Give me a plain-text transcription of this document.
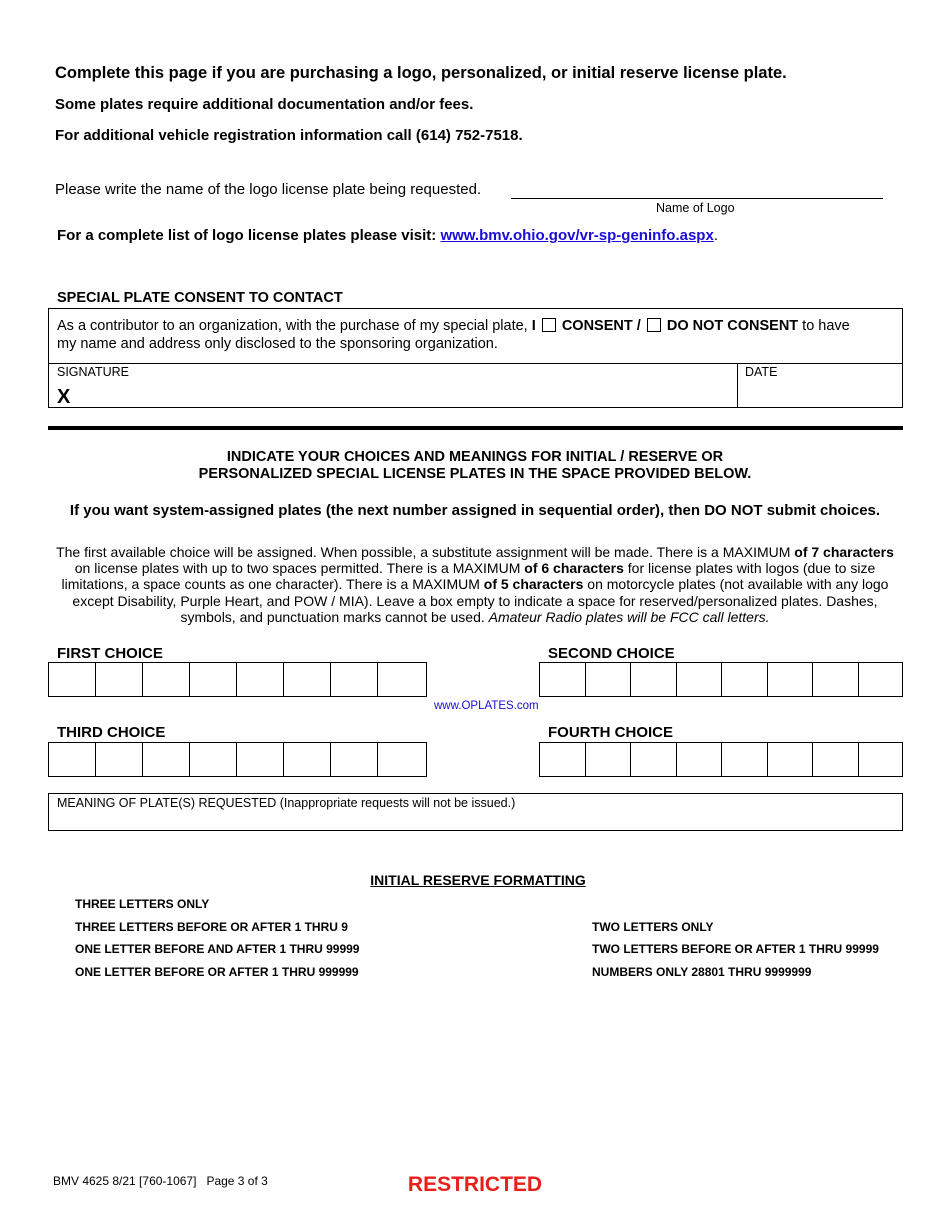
Complete this page if you are purchasing a logo, personalized, or initial reserve license plate.
Some plates require additional documentation and/or fees.
For additional vehicle registration information call (614) 752-7518.
Please write the name of the logo license plate being requested.
Name of Logo
For a complete list of logo license plates please visit: www.bmv.ohio.gov/vr-sp-geninfo.aspx.
SPECIAL PLATE CONSENT TO CONTACT
As a contributor to an organization, with the purchase of my special plate, I CONSENT / DO NOT CONSENT to have my name and address only disclosed to the sponsoring organization.
SIGNATURE	DATE
X
INDICATE YOUR CHOICES AND MEANINGS FOR INITIAL / RESERVE OR
PERSONALIZED SPECIAL LICENSE PLATES IN THE SPACE PROVIDED BELOW.
If you want system-assigned plates (the next number assigned in sequential order), then DO NOT submit choices.
The first available choice will be assigned. When possible, a substitute assignment will be made. There is a MAXIMUM of 7 characters on license plates with up to two spaces permitted. There is a MAXIMUM of 6 characters for license plates with logos (due to size limitations, a space counts as one character). There is a MAXIMUM of 5 characters on motorcycle plates (not available with any logo except Disability, Purple Heart, and POW / MIA). Leave a box empty to indicate a space for reserved/personalized plates. Dashes, symbols, and punctuation marks cannot be used. Amateur Radio plates will be FCC call letters.
FIRST CHOICE	SECOND CHOICE
www.OPLATES.com
THIRD CHOICE	FOURTH CHOICE
MEANING OF PLATE(S) REQUESTED (Inappropriate requests will not be issued.)
INITIAL RESERVE FORMATTING
THREE LETTERS ONLY
THREE LETTERS BEFORE OR AFTER 1 THRU 9
ONE LETTER BEFORE AND AFTER 1 THRU 99999
ONE LETTER BEFORE OR AFTER 1 THRU 999999
TWO LETTERS ONLY
TWO LETTERS BEFORE OR AFTER 1 THRU 99999
NUMBERS ONLY 28801 THRU 9999999
BMV 4625 8/21 [760-1067]   Page 3 of 3	RESTRICTED
